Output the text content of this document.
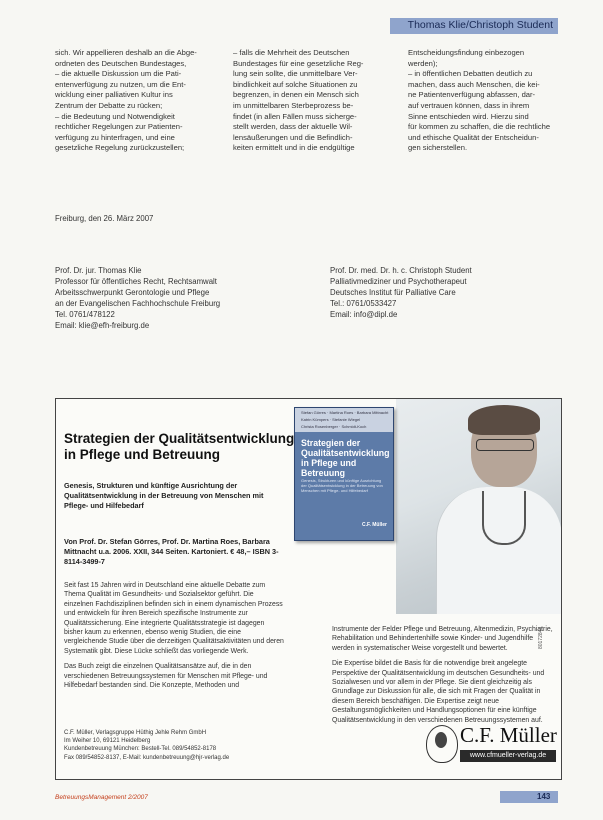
Thomas Klie/Christoph Student

sich. Wir appellieren deshalb an die Abge-

ordneten des Deutschen Bundestages,

– die aktuelle Diskussion um die Pati-

entenverfügung zu nutzen, um die Ent-

wicklung einer palliativen Kultur ins

Zentrum der Debatte zu rücken;

– die Bedeutung und Notwendigkeit

rechtlicher Regelungen zur Patienten-

verfügung zu hinterfragen, und eine

gesetzliche Regelung zurückzustellen;

– falls die Mehrheit des Deutschen

Bundestages für eine gesetzliche Reg-

lung sein sollte, die unmittelbare Ver-

bindlichkeit auf solche Situationen zu

begrenzen, in denen ein Mensch sich

im unmittelbaren Sterbeprozess be-

findet (in allen Fällen muss sicherge-

stellt werden, dass der aktuelle Wil-

lensäußerungen und die Befindlich-

keiten ermittelt und in die endgültige

Entscheidungsfindung einbezogen

werden);

– in öffentlichen Debatten deutlich zu

machen, dass auch Menschen, die kei-

ne Patientenverfügung abfassen, dar-

auf vertrauen können, dass in ihrem

Sinne entschieden wird. Hierzu sind

für kommen zu schaffen, die die rechtliche

und ethische Qualität der Entscheidun-

gen sicherstellen.

Freiburg, den 26. März 2007
Prof. Dr. jur. Thomas Klie
Professor für öffentliches Recht, Rechtsamwalt
Arbeitsschwerpunkt Gerontologie und Pflege
an der Evangelischen Fachhochschule Freiburg
Tel. 0761/478122
Email: klie@efh-freiburg.de
Prof. Dr. med. Dr. h. c. Christoph Student
Palliativmediziner und Psychotherapeut
Deutsches Institut für Palliative Care
Tel.: 0761/0533427
Email: info@dipl.de
Stefan Görres · Martina Roes · Barbara Mittnacht
Katrin Kümpers · Stefanie Wiegel
Christa Rosenberger · Schmidt-Koch
Strategien der Qualitätsentwicklung in Pflege und Betreuung
Genesis, Strukturen und künftige Ausrichtung der Qualitätsentwicklung in der Betreuung von Menschen mit Pflege- und Hilfebedarf
C.F. Müller
Strategien der Qualitätsentwicklung in Pflege und Betreuung
Genesis, Strukturen und künftige Ausrichtung der Qualitätsentwicklung in der Betreuung von Menschen mit Pflege- und Hilfebedarf
Von Prof. Dr. Stefan Görres, Prof. Dr. Martina Roes, Barbara Mittnacht u.a. 2006. XXII, 344 Seiten. Kartoniert. € 48,– ISBN 3-8114-3499-7

Seit fast 15 Jahren wird in Deutschland eine aktuelle Debatte zum Thema Qualität im Gesundheits- und Sozialsektor geführt. Die einzelnen Fachdisziplinen befinden sich in einem dynamischen Prozess und entwickeln für ihren Bereich spezifische Instrumente zur Qualitätssicherung. Eine integrierte Qualitätsstrategie ist dagegen bisher kaum zu erkennen, ebenso wenig Studien, die eine vergleichende Studie über die derzeitigen Qualitätsaktivitäten und deren Systematik gibt. Diese Lücke schließt das vorliegende Werk.

Das Buch zeigt die einzelnen Qualitätsansätze auf, die in den verschiedenen Betreuungssystemen für Menschen mit Pflege- und Hilfebedarf bestanden sind. Die Konzepte, Methoden und

Instrumente der Felder Pflege und Betreuung, Altenmedizin, Psychiatrie, Rehabilitation und Behindertenhilfe sowie Kinder- und Jugendhilfe werden in systematischer Weise vorgestellt und bewertet.

Die Expertise bildet die Basis für die notwendige breit angelegte Perspektive der Qualitätsentwicklung im deutschen Gesundheits- und Sozialwesen und vor allem in der Pflege. Sie dient gleichzeitig als Grundlage zur Diskussion für alle, die sich mit Fragen der Qualität in diesem Bereich beschäftigen. Die Expertise zeigt neue Gestaltungsmöglichkeiten und Handlungsoptionen für eine künftige Qualitätsentwicklung in den verschiedenen Betreuungssystemen auf.

80172846
C.F. Müller, Verlagsgruppe Hüthig Jehle Rehm GmbH
Im Weiher 10, 69121 Heidelberg
Kundenbetreuung München: Bestell-Tel. 089/54852-8178
Fax 089/54852-8137, E-Mail: kundenbetreuung@hjr-verlag.de
C.F. Müller
www.cfmueller-verlag.de
BetreuungsManagement 2/2007	143
